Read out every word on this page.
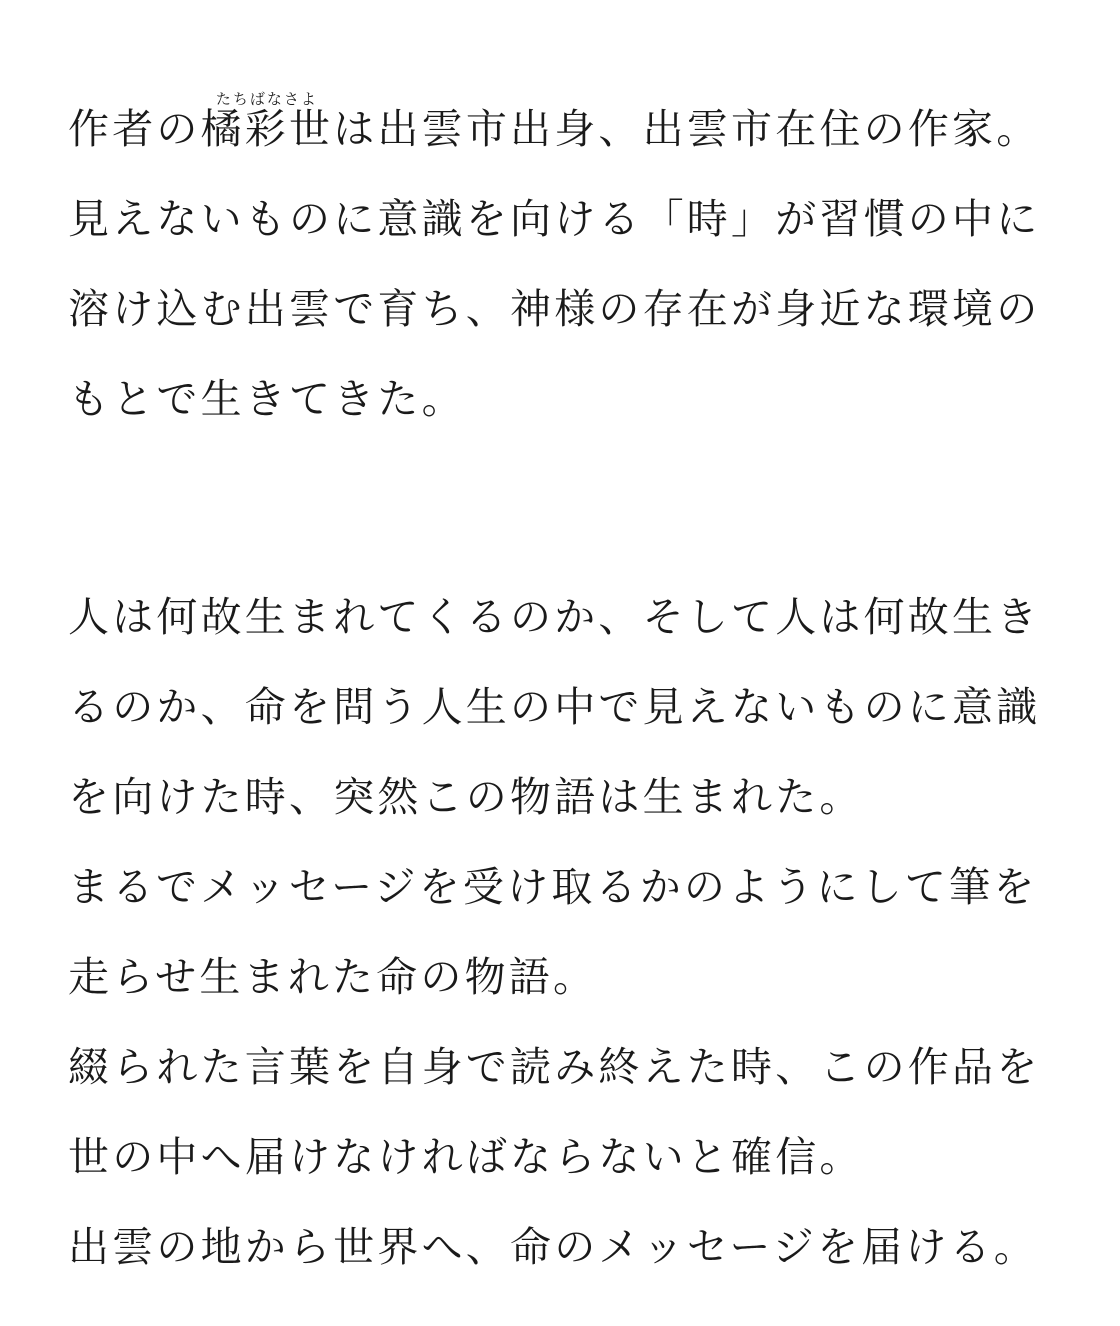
作者の橘彩世たちばなさよは出雲市出身、出雲市在住の作家。
見えないものに意識を向ける「時」が習慣の中に
溶け込む出雲で育ち、神様の存在が身近な環境の
もとで生きてきた。
人は何故生まれてくるのか、そして人は何故生き
るのか、命を問う人生の中で見えないものに意識
を向けた時、突然この物語は生まれた。
まるでメッセージを受け取るかのようにして筆を
走らせ生まれた命の物語。
綴られた言葉を自身で読み終えた時、この作品を
世の中へ届けなければならないと確信。
出雲の地から世界へ、命のメッセージを届ける。
